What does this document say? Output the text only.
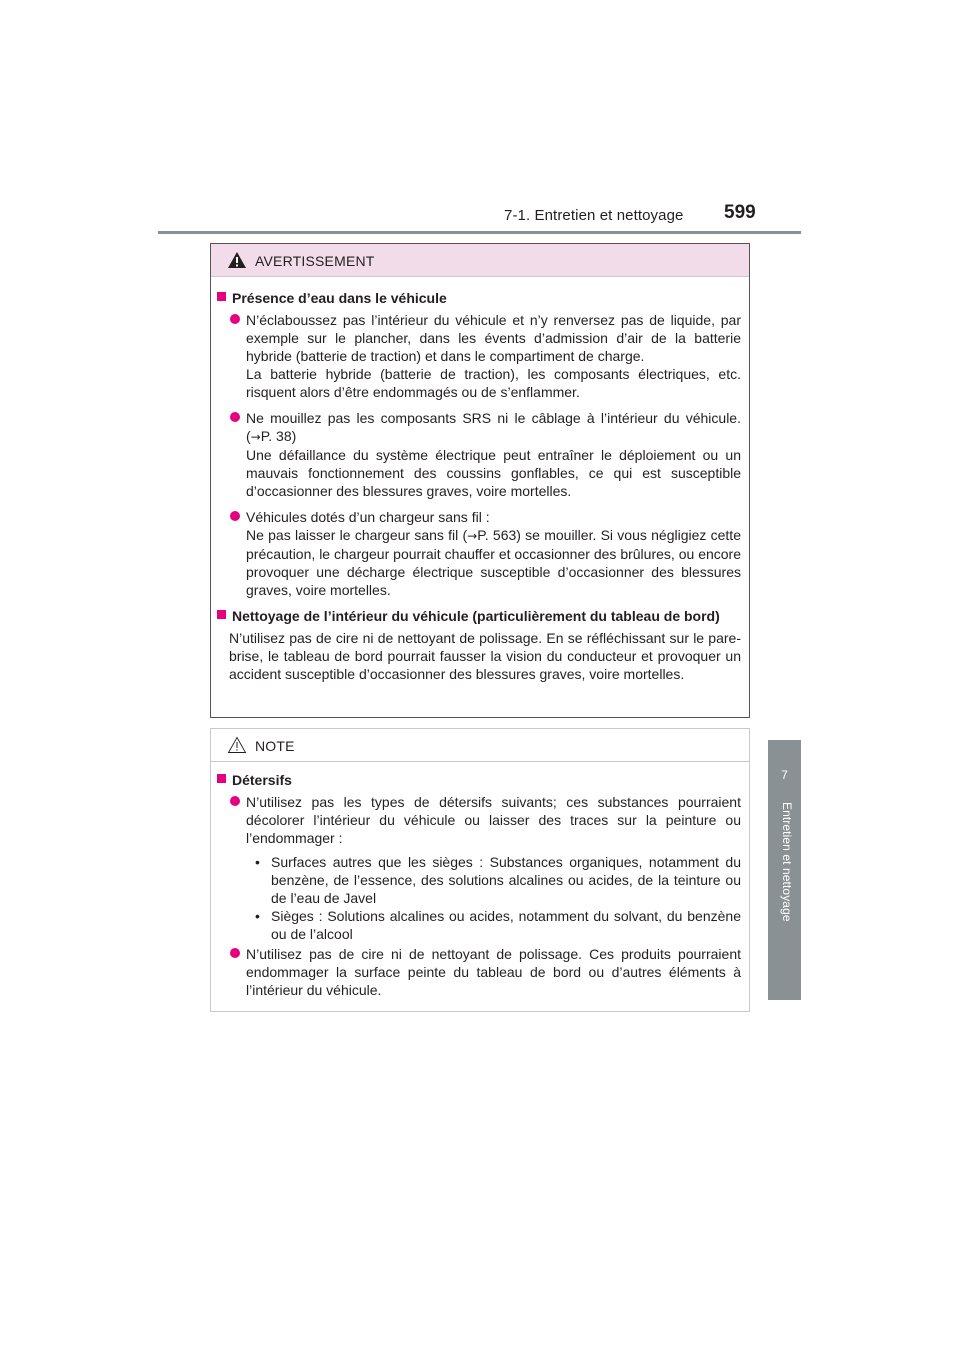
7-1. Entretien et nettoyage 599
7
Entretien et nettoyage
AVERTISSEMENT
Présence d’eau dans le véhicule

N’éclaboussez pas l’intérieur du véhicule et n’y renversez pas de liquide, par exemple sur le plancher, dans les évents d’admission d’air de la batterie hybride (batterie de traction) et dans le compartiment de charge.

La batterie hybride (batterie de traction), les composants électriques, etc. risquent alors d’être endommagés ou de s’enflammer.

Ne mouillez pas les composants SRS ni le câblage à l’intérieur du véhicule. (→P. 38)

Une défaillance du système électrique peut entraîner le déploiement ou un mauvais fonctionnement des coussins gonflables, ce qui est susceptible d’occasionner des blessures graves, voire mortelles.

Véhicules dotés d’un chargeur sans fil :

Ne pas laisser le chargeur sans fil (→P. 563) se mouiller. Si vous négligiez cette précaution, le chargeur pourrait chauffer et occasionner des brûlures, ou encore provoquer une décharge électrique susceptible d’occasionner des blessures graves, voire mortelles.

Nettoyage de l’intérieur du véhicule (particulièrement du tableau de bord)

N’utilisez pas de cire ni de nettoyant de polissage. En se réfléchissant sur le pare-brise, le tableau de bord pourrait fausser la vision du conducteur et provoquer un accident susceptible d’occasionner des blessures graves, voire mortelles.

NOTE
Détersifs

N’utilisez pas les types de détersifs suivants; ces substances pourraient décolorer l’intérieur du véhicule ou laisser des traces sur la peinture ou l’endommager :

• Surfaces autres que les sièges : Substances organiques, notamment du benzène, de l’essence, des solutions alcalines ou acides, de la teinture ou de l’eau de Javel
• Sièges : Solutions alcalines ou acides, notamment du solvant, du benzène ou de l’alcool

N’utilisez pas de cire ni de nettoyant de polissage. Ces produits pourraient endommager la surface peinte du tableau de bord ou d’autres éléments à l’intérieur du véhicule.
